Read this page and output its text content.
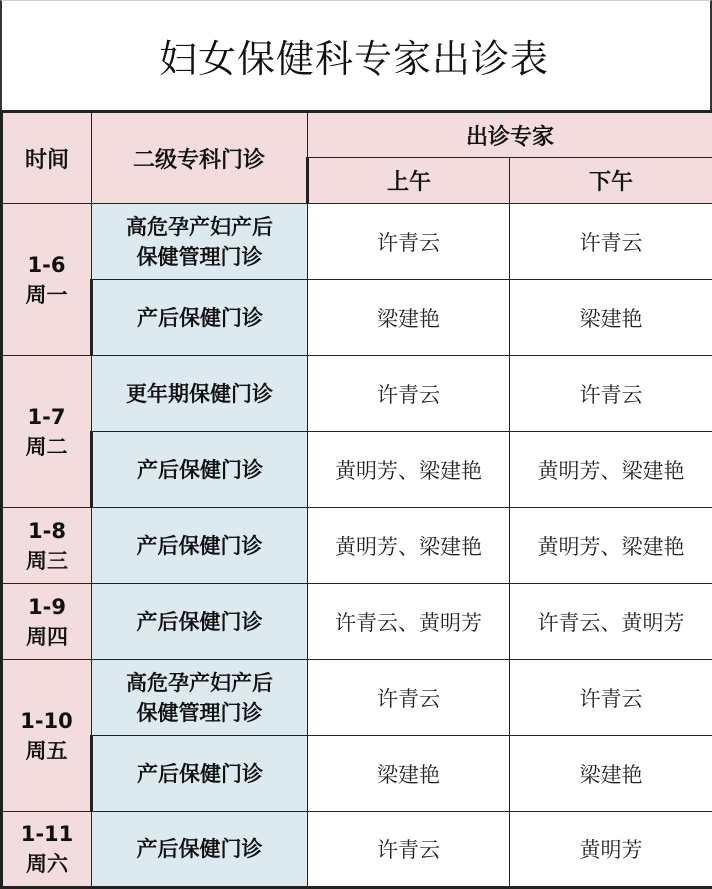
妇女保健科专家出诊表
时间	二级专科门诊	出诊专家	
		上午	下午

1-6
周一	高危孕产妇产后
保健管理门诊	许青云	许青云

	产后保健门诊	梁建艳	梁建艳

1-7
周二	更年期保健门诊	许青云	许青云

	产后保健门诊	黄明芳、梁建艳	黄明芳、梁建艳

1-8
周三	产后保健门诊	黄明芳、梁建艳	黄明芳、梁建艳

1-9
周四	产后保健门诊	许青云、黄明芳	许青云、黄明芳

1-10
周五	高危孕产妇产后
保健管理门诊	许青云	许青云

	产后保健门诊	梁建艳	梁建艳

1-11
周六	产后保健门诊	许青云	黄明芳
